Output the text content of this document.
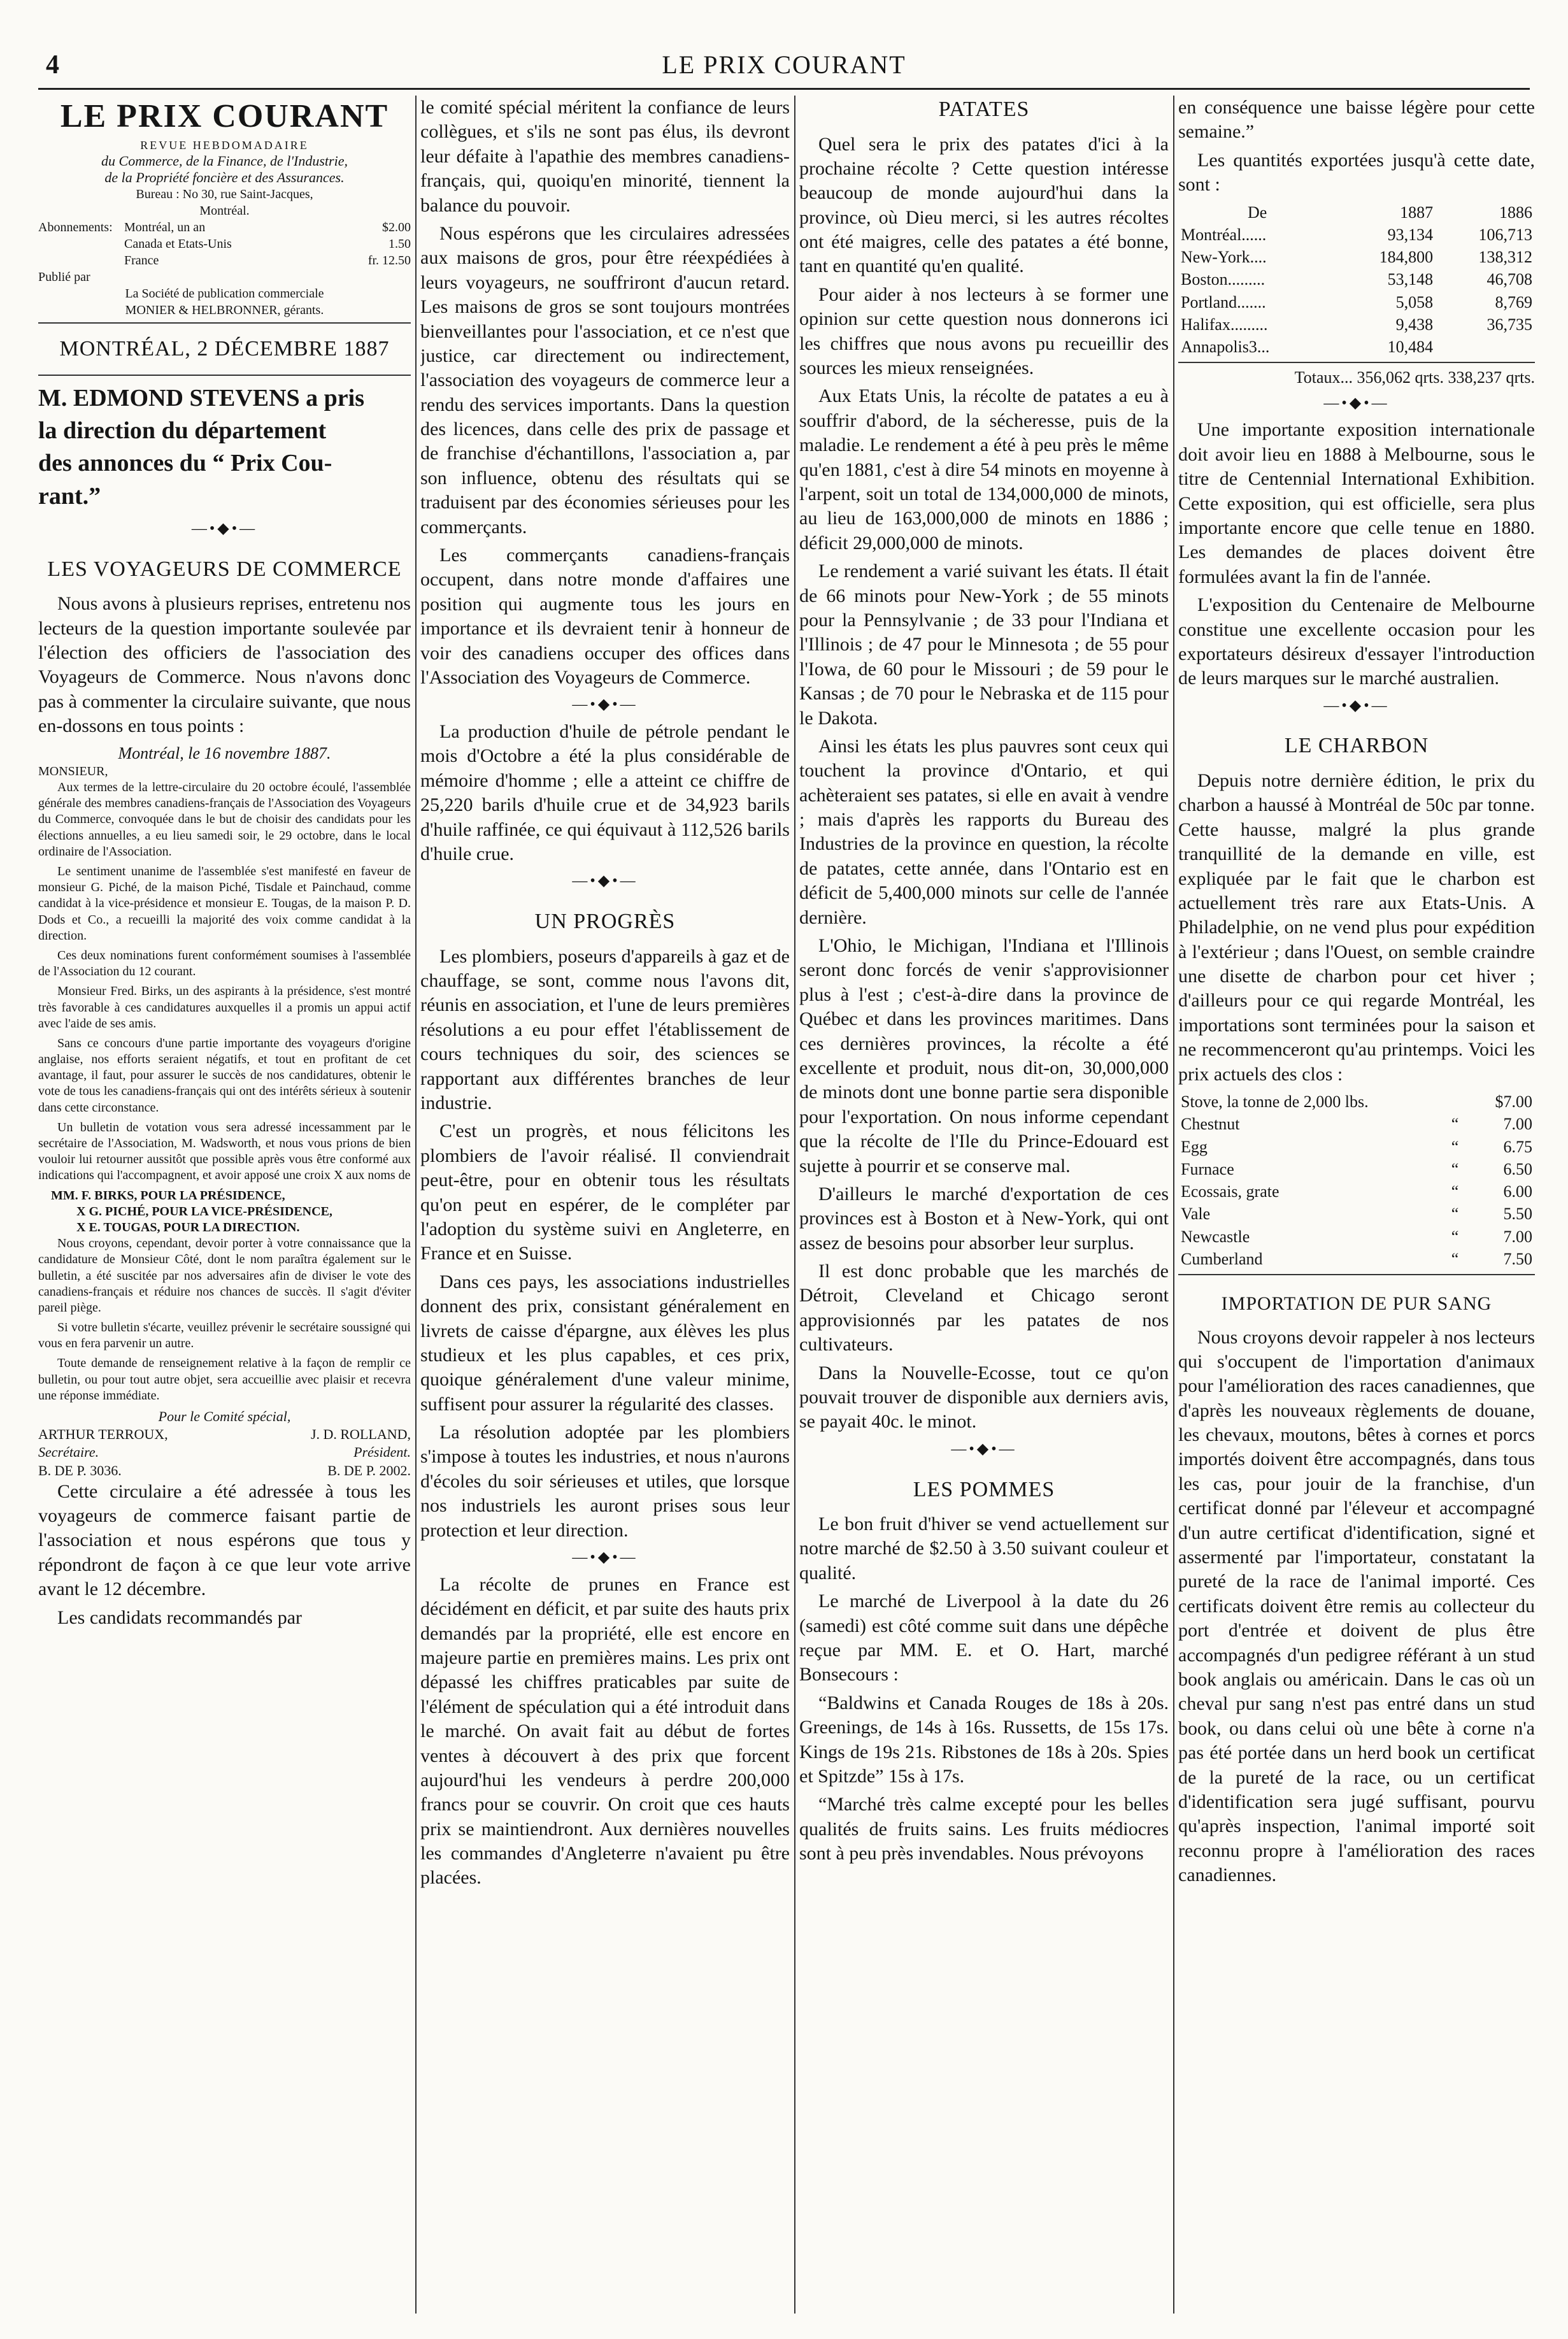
4	LE PRIX COURANT
LE PRIX COURANT
REVUE HEBDOMADAIRE
du Commerce, de la Finance, de l'Industrie,
de la Propriété foncière et des Assurances.
Bureau : No 30, rue Saint-Jacques,
Montréal.
Abonnements: Montréal, un an	$2.00
Canada et Etats-Unis	1.50
France	fr. 12.50
Publié par
La Société de publication commerciale
MONIER & HELBRONNER, gérants.
MONTRÉAL, 2 DÉCEMBRE 1887
M. EDMOND STEVENS a pris
la direction du département
des annonces du “ Prix Cou-
rant.”
—•◆•—
LES VOYAGEURS DE COMMERCE

Nous avons à plusieurs reprises, entretenu nos lecteurs de la question importante soulevée par l'élection des officiers de l'association des Voyageurs de Commerce. Nous n'avons donc pas à commenter la circulaire suivante, que nous en-dossons en tous points :

Montréal, le 16 novembre 1887.
MONSIEUR,

Aux termes de la lettre-circulaire du 20 octobre écoulé, l'assemblée générale des membres canadiens-français de l'Association des Voyageurs du Commerce, convoquée dans le but de choisir des candidats pour les élections annuelles, a eu lieu samedi soir, le 29 octobre, dans le local ordinaire de l'Association.

Le sentiment unanime de l'assemblée s'est manifesté en faveur de monsieur G. Piché, de la maison Piché, Tisdale et Painchaud, comme candidat à la vice-présidence et monsieur E. Tougas, de la maison P. D. Dods et Co., a recueilli la majorité des voix comme candidat à la direction.

Ces deux nominations furent conformément soumises à l'assemblée de l'Association du 12 courant.

Monsieur Fred. Birks, un des aspirants à la présidence, s'est montré très favorable à ces candidatures auxquelles il a promis un appui actif avec l'aide de ses amis.

Sans ce concours d'une partie importante des voyageurs d'origine anglaise, nos efforts seraient négatifs, et tout en profitant de cet avantage, il faut, pour assurer le succès de nos candidatures, obtenir le vote de tous les canadiens-français qui ont des intérêts sérieux à soutenir dans cette circonstance.

Un bulletin de votation vous sera adressé incessamment par le secrétaire de l'Association, M. Wadsworth, et nous vous prions de bien vouloir lui retourner aussitôt que possible après vous être conformé aux indications qui l'accompagnent, et avoir apposé une croix X aux noms de

MM. F. BIRKS, POUR LA PRÉSIDENCE,
X G. PICHÉ, POUR LA VICE-PRÉSIDENCE,
X E. TOUGAS, POUR LA DIRECTION.

Nous croyons, cependant, devoir porter à votre connaissance que la candidature de Monsieur Côté, dont le nom paraîtra également sur le bulletin, a été suscitée par nos adversaires afin de diviser le vote des canadiens-français et réduire nos chances de succès. Il s'agit d'éviter pareil piège.

Si votre bulletin s'écarte, veuillez prévenir le secrétaire soussigné qui vous en fera parvenir un autre.

Toute demande de renseignement relative à la façon de remplir ce bulletin, ou pour tout autre objet, sera accueillie avec plaisir et recevra une réponse immédiate.

Pour le Comité spécial,
ARTHUR TERROUX,	J. D. ROLLAND,
Secrétaire.	Président.
B. DE P. 3036.	B. DE P. 2002.

Cette circulaire a été adressée à tous les voyageurs de commerce faisant partie de l'association et nous espérons que tous y répondront de façon à ce que leur vote arrive avant le 12 décembre.

Les candidats recommandés par

le comité spécial méritent la confiance de leurs collègues, et s'ils ne sont pas élus, ils devront leur défaite à l'apathie des membres canadiens-français, qui, quoiqu'en minorité, tiennent la balance du pouvoir.

Nous espérons que les circulaires adressées aux maisons de gros, pour être réexpédiées à leurs voyageurs, ne souffriront d'aucun retard. Les maisons de gros se sont toujours montrées bienveillantes pour l'association, et ce n'est que justice, car directement ou indirectement, l'association des voyageurs de commerce leur a rendu des services importants. Dans la question des licences, dans celle des prix de passage et de franchise d'échantillons, l'association a, par son influence, obtenu des résultats qui se traduisent par des économies sérieuses pour les commerçants.

Les commerçants canadiens-français occupent, dans notre monde d'affaires une position qui augmente tous les jours en importance et ils devraient tenir à honneur de voir des canadiens occuper des offices dans l'Association des Voyageurs de Commerce.

—•◆•—

La production d'huile de pétrole pendant le mois d'Octobre a été la plus considérable de mémoire d'homme ; elle a atteint ce chiffre de 25,220 barils d'huile crue et de 34,923 barils d'huile raffinée, ce qui équivaut à 112,526 barils d'huile crue.

—•◆•—
UN PROGRÈS

Les plombiers, poseurs d'appareils à gaz et de chauffage, se sont, comme nous l'avons dit, réunis en association, et l'une de leurs premières résolutions a eu pour effet l'établissement de cours techniques du soir, des sciences se rapportant aux différentes branches de leur industrie.

C'est un progrès, et nous félicitons les plombiers de l'avoir réalisé. Il conviendrait peut-être, pour en obtenir tous les résultats qu'on peut en espérer, de le compléter par l'adoption du système suivi en Angleterre, en France et en Suisse.

Dans ces pays, les associations industrielles donnent des prix, consistant généralement en livrets de caisse d'épargne, aux élèves les plus studieux et les plus capables, et ces prix, quoique généralement d'une valeur minime, suffisent pour assurer la régularité des classes.

La résolution adoptée par les plombiers s'impose à toutes les industries, et nous n'aurons d'écoles du soir sérieuses et utiles, que lorsque nos industriels les auront prises sous leur protection et leur direction.

—•◆•—

La récolte de prunes en France est décidément en déficit, et par suite des hauts prix demandés par la propriété, elle est encore en majeure partie en premières mains. Les prix ont dépassé les chiffres praticables par suite de l'élément de spéculation qui a été introduit dans le marché. On avait fait au début de fortes ventes à découvert à des prix que forcent aujourd'hui les vendeurs à perdre 200,000 francs pour se couvrir. On croit que ces hauts prix se maintiendront. Aux dernières nouvelles les commandes d'Angleterre n'avaient pu être placées.

PATATES

Quel sera le prix des patates d'ici à la prochaine récolte ? Cette question intéresse beaucoup de monde aujourd'hui dans la province, où Dieu merci, si les autres récoltes ont été maigres, celle des patates a été bonne, tant en quantité qu'en qualité.

Pour aider à nos lecteurs à se former une opinion sur cette question nous donnerons ici les chiffres que nous avons pu recueillir des sources les mieux renseignées.

Aux Etats Unis, la récolte de patates a eu à souffrir d'abord, de la sécheresse, puis de la maladie. Le rendement a été à peu près le même qu'en 1881, c'est à dire 54 minots en moyenne à l'arpent, soit un total de 134,000,000 de minots, au lieu de 163,000,000 de minots en 1886 ; déficit 29,000,000 de minots.

Le rendement a varié suivant les états. Il était de 66 minots pour New-York ; de 55 minots pour la Pennsylvanie ; de 33 pour l'Indiana et l'Illinois ; de 47 pour le Minnesota ; de 55 pour l'Iowa, de 60 pour le Missouri ; de 59 pour le Kansas ; de 70 pour le Nebraska et de 115 pour le Dakota.

Ainsi les états les plus pauvres sont ceux qui touchent la province d'Ontario, et qui achèteraient ses patates, si elle en avait à vendre ; mais d'après les rapports du Bureau des Industries de la province en question, la récolte de patates, cette année, dans l'Ontario est en déficit de 5,400,000 minots sur celle de l'année dernière.

L'Ohio, le Michigan, l'Indiana et l'Illinois seront donc forcés de venir s'approvisionner plus à l'est ; c'est-à-dire dans la province de Québec et dans les provinces maritimes. Dans ces dernières provinces, la récolte a été excellente et produit, nous dit-on, 30,000,000 de minots dont une bonne partie sera disponible pour l'exportation. On nous informe cependant que la récolte de l'Ile du Prince-Edouard est sujette à pourrir et se conserve mal.

D'ailleurs le marché d'exportation de ces provinces est à Boston et à New-York, qui ont assez de besoins pour absorber leur surplus.

Il est donc probable que les marchés de Détroit, Cleveland et Chicago seront approvisionnés par les patates de nos cultivateurs.

Dans la Nouvelle-Ecosse, tout ce qu'on pouvait trouver de disponible aux derniers avis, se payait 40c. le minot.

—•◆•—
LES POMMES

Le bon fruit d'hiver se vend actuellement sur notre marché de $2.50 à 3.50 suivant couleur et qualité.

Le marché de Liverpool à la date du 26 (samedi) est côté comme suit dans une dépêche reçue par MM. E. et O. Hart, marché Bonsecours :

“Baldwins et Canada Rouges de 18s à 20s. Greenings, de 14s à 16s. Russetts, de 15s 17s. Kings de 19s 21s. Ribstones de 18s à 20s. Spies et Spitzde” 15s à 17s.

“Marché très calme excepté pour les belles qualités de fruits sains. Les fruits médiocres sont à peu près invendables. Nous prévoyons

en conséquence une baisse légère pour cette semaine.”

Les quantités exportées jusqu'à cette date, sont :

De	1887	1886
Montréal......	93,134	106,713
New-York....	184,800	138,312
Boston.........	53,148	46,708
Portland.......	5,058	8,769
Halifax.........	9,438	36,735
Annapolis3...	10,484	
Totaux... 356,062 qrts. 338,237 qrts.
—•◆•—

Une importante exposition internationale doit avoir lieu en 1888 à Melbourne, sous le titre de Centennial International Exhibition. Cette exposition, qui est officielle, sera plus importante encore que celle tenue en 1880. Les demandes de places doivent être formulées avant la fin de l'année.

L'exposition du Centenaire de Melbourne constitue une excellente occasion pour les exportateurs désireux d'essayer l'introduction de leurs marques sur le marché australien.

—•◆•—
LE CHARBON

Depuis notre dernière édition, le prix du charbon a haussé à Montréal de 50c par tonne. Cette hausse, malgré la plus grande tranquillité de la demande en ville, est expliquée par le fait que le charbon est actuellement très rare aux Etats-Unis. A Philadelphie, on ne vend plus pour expédition à l'extérieur ; dans l'Ouest, on semble craindre une disette de charbon pour cet hiver ; d'ailleurs pour ce qui regarde Montréal, les importations sont terminées pour la saison et ne recommenceront qu'au printemps. Voici les prix actuels des clos :

Stove, la tonne de 2,000 lbs.		$7.00
Chestnut	“	7.00
Egg	“	6.75
Furnace	“	6.50
Ecossais, grate	“	6.00
Vale	“	5.50
Newcastle	“	7.00
Cumberland	“	7.50
IMPORTATION DE PUR SANG

Nous croyons devoir rappeler à nos lecteurs qui s'occupent de l'importation d'animaux pour l'amélioration des races canadiennes, que d'après les nouveaux règlements de douane, les chevaux, moutons, bêtes à cornes et porcs importés doivent être accompagnés, dans tous les cas, pour jouir de la franchise, d'un certificat donné par l'éleveur et accompagné d'un autre certificat d'identification, signé et assermenté par l'importateur, constatant la pureté de la race de l'animal importé. Ces certificats doivent être remis au collecteur du port d'entrée et doivent de plus être accompagnés d'un pedigree référant à un stud book anglais ou américain. Dans le cas où un cheval pur sang n'est pas entré dans un stud book, ou dans celui où une bête à corne n'a pas été portée dans un herd book un certificat de la pureté de la race, ou un certificat d'identification sera jugé suffisant, pourvu qu'après inspection, l'animal importé soit reconnu propre à l'amélioration des races canadiennes.
